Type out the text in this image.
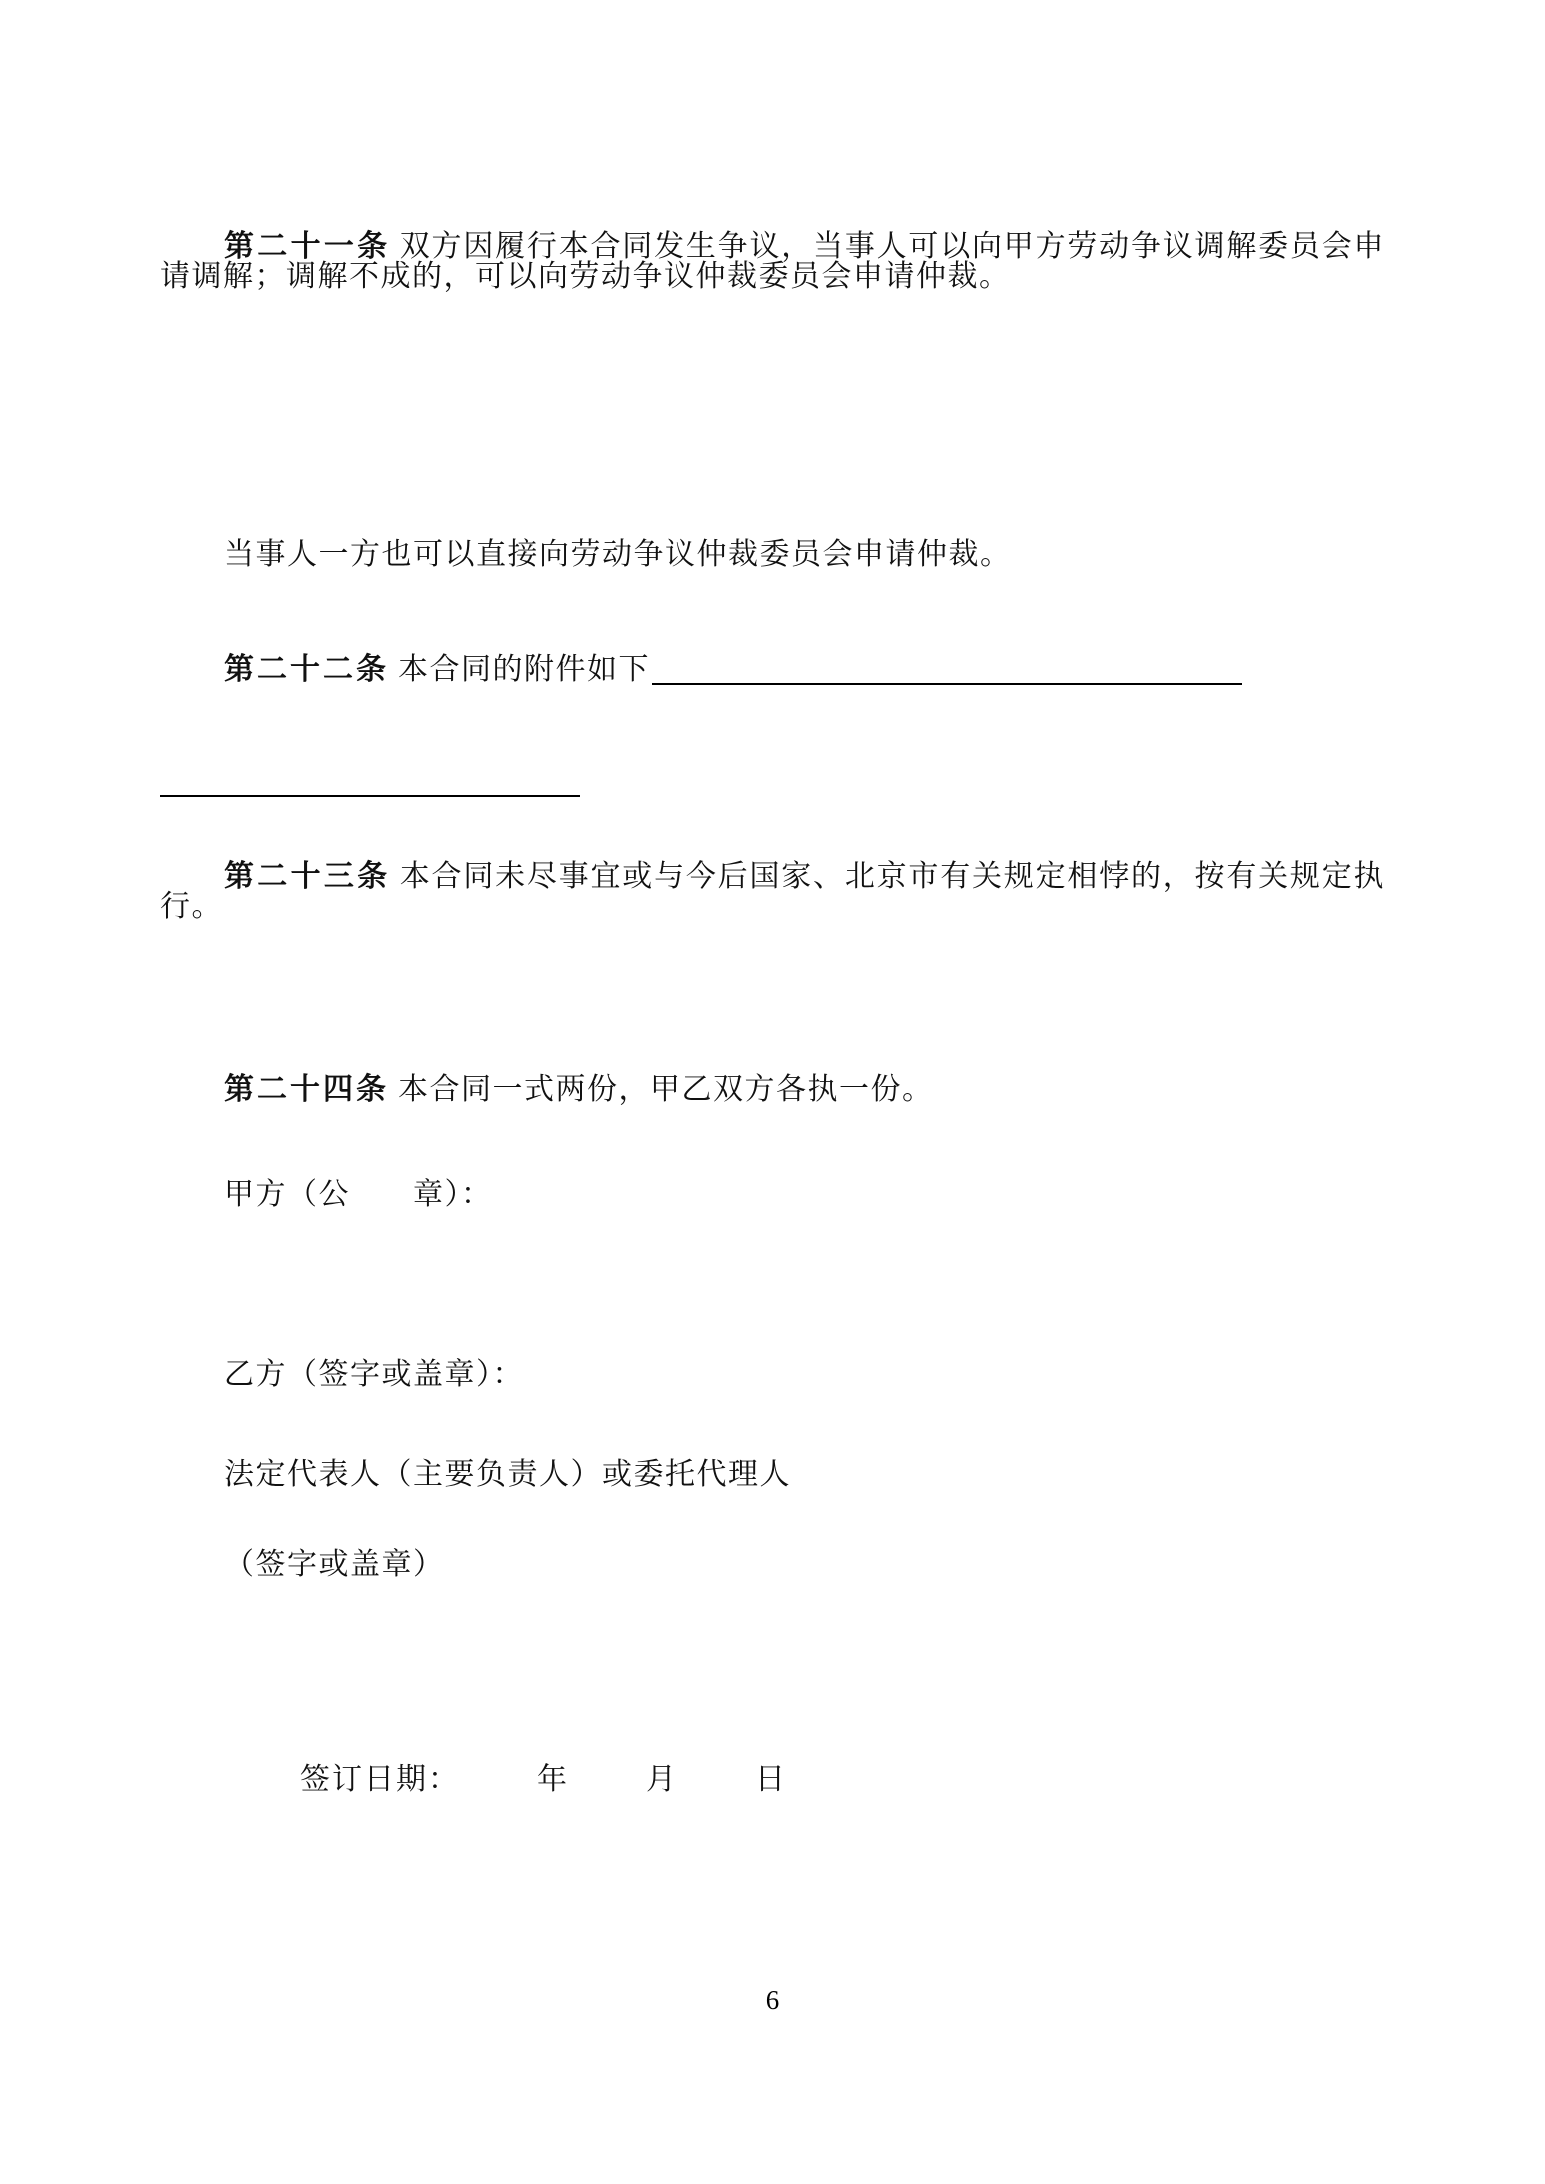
第二十一条 双方因履行本合同发生争议，当事人可以向甲方劳动争议调解委员会申请调解；调解不成的，可以向劳动争议仲裁委员会申请仲裁。

当事人一方也可以直接向劳动争议仲裁委员会申请仲裁。

第二十二条 本合同的附件如下

第二十三条 本合同未尽事宜或与今后国家、北京市有关规定相悖的，按有关规定执行。

第二十四条 本合同一式两份，甲乙双方各执一份。

甲方（公　　章）：

乙方（签字或盖章）：

法定代表人（主要负责人）或委托代理人

（签字或盖章）

签订日期：	年	月	日

6
